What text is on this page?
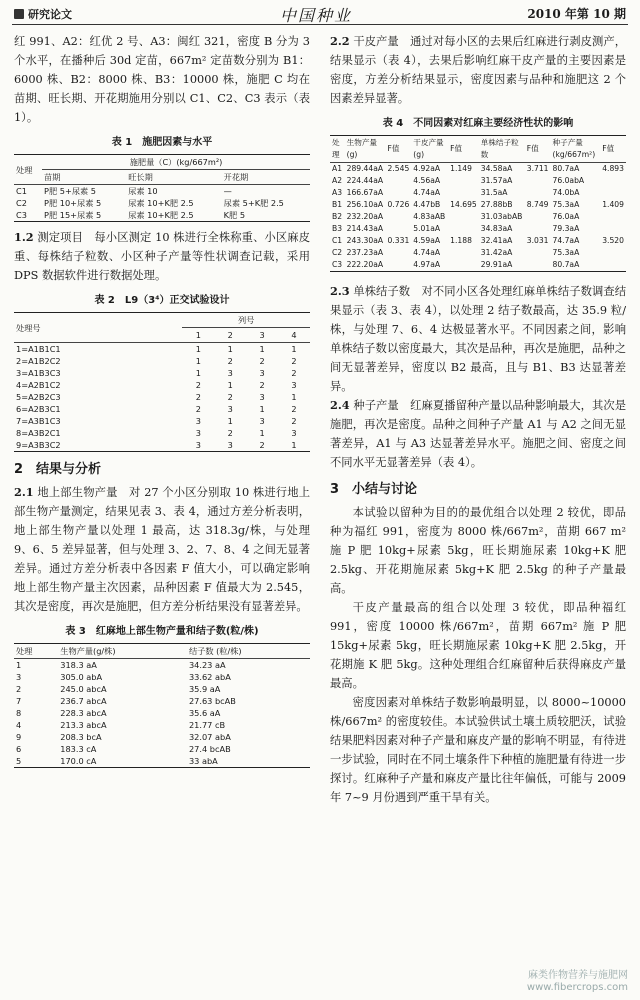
研究论文	中国种业	2010 年第 10 期

红 991、A2：红优 2 号、A3：闽红 321，密度 B 分为 3 个水平，在播种后 30d 定苗，667m² 定苗数分别为 B1：6000 株、B2：8000 株、B3：10000 株，施肥 C 均在苗期、旺长期、开花期施用分别以 C1、C2、C3 表示（表 1）。

表 1　施肥因素与水平
处理	施肥量（C）(kg/667m²)		
	苗期	旺长期	开花期
C1	P肥 5+尿素 5	尿素 10	—
C2	P肥 10+尿素 5	尿素 10+K肥 2.5	尿素 5+K肥 2.5
C3	P肥 15+尿素 5	尿素 10+K肥 2.5	K肥 5

1.2 测定项目　每小区测定 10 株进行全株称重、小区麻皮重、每株结子粒数、小区种子产量等性状调查记载，采用 DPS 数据软件进行数据处理。

表 2　L9（3⁴）正交试验设计
处理号	列号			
	1	2	3	4
1=A1B1C1	1	1	1	1
2=A1B2C2	1	2	2	2
3=A1B3C3	1	3	3	2
4=A2B1C2	2	1	2	3
5=A2B2C3	2	2	3	1
6=A2B3C1	2	3	1	2
7=A3B1C3	3	1	3	2
8=A3B2C1	3	2	1	3
9=A3B3C2	3	3	2	1
2　结果与分析

2.1 地上部生物产量　对 27 个小区分别取 10 株进行地上部生物产量测定，结果见表 3、表 4，通过方差分析表明，地上部生物产量以处理 1 最高，达 318.3g/株，与处理 9、6、5 差异显著，但与处理 3、2、7、8、4 之间无显著差异。通过方差分析表中各因素 F 值大小，可以确定影响地上部生物产量主次因素，品种因素 F 值最大为 2.545，其次是密度，再次是施肥，但方差分析结果没有显著差异。

表 3　红麻地上部生物产量和结子数(粒/株)
处理	生物产量(g/株)	结子数 (粒/株)
1	318.3 aA	34.23 aA
3	305.0 abA	33.62 abA
2	245.0 abcA	35.9 aA
7	236.7 abcA	27.63 bcAB
8	228.3 abcA	35.6 aA
4	213.3 abcA	21.77 cB
9	208.3 bcA	32.07 abA
6	183.3 cA	27.4 bcAB
5	170.0 cA	33 abA

2.2 干皮产量　通过对每小区的去果后红麻进行剥皮测产，结果显示（表 4），去果后影响红麻干皮产量的主要因素是密度，方差分析结果显示，密度因素与品种和施肥这 2 个因素差异显著。

表 4　不同因素对红麻主要经济性状的影响
处理	生物产量(g)	F值	干皮产量(g)	F值	单株结子粒数	F值	种子产量(kg/667m²)	F值
A1	289.44aA	2.545	4.92aA	1.149	34.58aA	3.711	80.7aA	4.893
A2	224.44aA		4.56aA		31.57aA		76.0abA	
A3	166.67aA		4.74aA		31.5aA		74.0bA	
B1	256.10aA	0.726	4.47bB	14.695	27.88bB	8.749	75.3aA	1.409
B2	232.20aA		4.83aAB		31.03abAB		76.0aA	
B3	214.43aA		5.01aA		34.83aA		79.3aA	
C1	243.30aA	0.331	4.59aA	1.188	32.41aA	3.031	74.7aA	3.520
C2	237.23aA		4.74aA		31.42aA		75.3aA	
C3	222.20aA		4.97aA		29.91aA		80.7aA	

2.3 单株结子数　对不同小区各处理红麻单株结子数调查结果显示（表 3、表 4），以处理 2 结子数最高，达 35.9 粒/株，与处理 7、6、4 达极显著水平。不同因素之间，影响单株结子数以密度最大，其次是品种，再次是施肥，品种之间无显著差异，密度以 B2 最高，且与 B1、B3 达显著差异。

2.4 种子产量　红麻夏播留种产量以品种影响最大，其次是施肥，再次是密度。品种之间种子产量 A1 与 A2 之间无显著差异，A1 与 A3 达显著差异水平。施肥之间、密度之间不同水平无显著差异（表 4）。

3　小结与讨论

本试验以留种为目的的最优组合以处理 2 较优，即品种为福红 991，密度为 8000 株/667m²，苗期 667 m² 施 P 肥 10kg+尿素 5kg，旺长期施尿素 10kg+K 肥 2.5kg、开花期施尿素 5kg+K 肥 2.5kg 的种子产量最高。

干皮产量最高的组合以处理 3 较优，即品种福红 991，密度 10000 株/667m²，苗期 667m² 施 P 肥 15kg+尿素 5kg，旺长期施尿素 10kg+K 肥 2.5kg，开花期施 K 肥 5kg。这种处理组合红麻留种后获得麻皮产量最高。

密度因素对单株结子数影响最明显，以 8000~10000 株/667m² 的密度较佳。本试验供试土壤土质较肥沃，试验结果肥料因素对种子产量和麻皮产量的影响不明显，有待进一步试验，同时在不同土壤条件下种植的施肥量有待进一步探讨。红麻种子产量和麻皮产量比往年偏低，可能与 2009 年 7~9 月份遇到严重干旱有关。

麻类作物营养与施肥网
www.fibercrops.com
